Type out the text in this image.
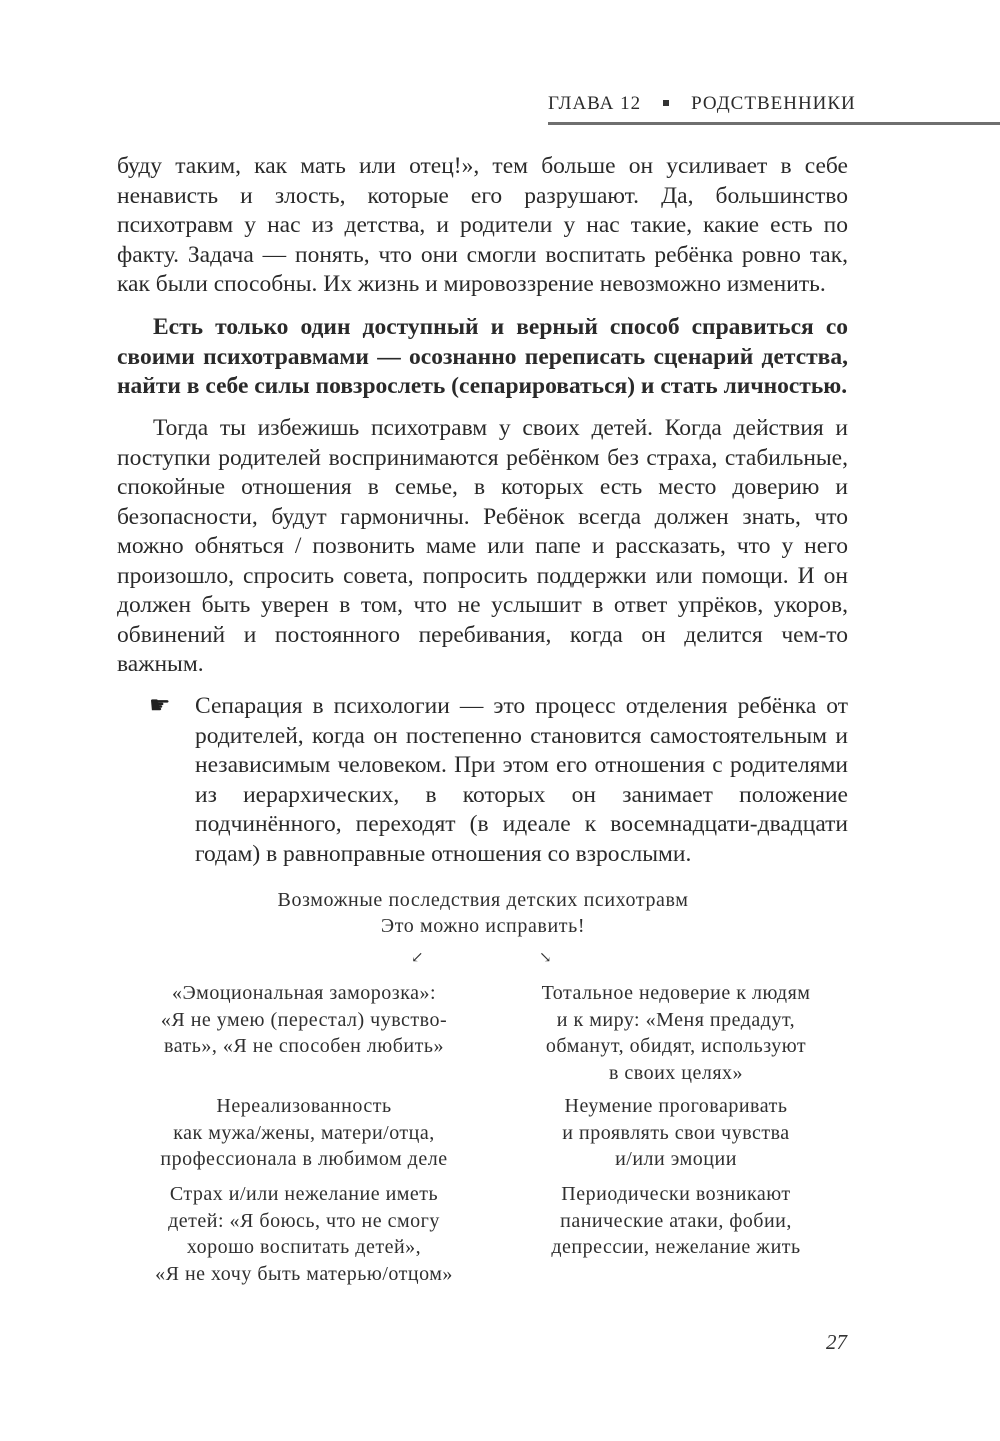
ГЛАВА 12	РОДСТВЕННИКИ

буду таким, как мать или отец!», тем больше он усиливает в себе ненависть и злость, которые его разрушают. Да, большинство психотравм у нас из детства, и родители у нас такие, какие есть по факту. Задача — понять, что они смогли воспитать ребёнка ровно так, как были способны. Их жизнь и мировоззрение невозможно изменить.

Есть только один доступный и верный способ справиться со своими психотравмами — осознанно переписать сценарий детства, найти в себе силы повзрослеть (сепарироваться) и стать личностью.

Тогда ты избежишь психотравм у своих детей. Когда действия и поступки родителей воспринимаются ребёнком без страха, стабильные, спокойные отношения в семье, в которых есть место доверию и безопасности, будут гармоничны. Ребёнок всегда должен знать, что можно обняться / позвонить маме или папе и рассказать, что у него произошло, спросить совета, попросить поддержки или помощи. И он должен быть уверен в том, что не услышит в ответ упрёков, укоров, обвинений и постоянного перебивания, когда он делится чем-то важным.

☛ Сепарация в психологии — это процесс отделения ребёнка от родителей, когда он постепенно становится самостоятельным и независимым человеком. При этом его отношения с родителями из иерархических, в которых он занимает положение подчинённого, переходят (в идеале к восемнадцати-двадцати годам) в равноправные отношения со взрослыми.
Возможные последствия детских психотравм
Это можно исправить!
↙	↘
«Эмоциональная заморозка»:
«Я не умею (перестал) чувство-
вать», «Я не способен любить»
Нереализованность
как мужа/жены, матери/отца,
профессионала в любимом деле
Страх и/или нежелание иметь
детей: «Я боюсь, что не смогу
хорошо воспитать детей»,
«Я не хочу быть матерью/отцом»
Тотальное недоверие к людям
и к миру: «Меня предадут,
обманут, обидят, используют
в своих целях»
Неумение проговаривать
и проявлять свои чувства
и/или эмоции
Периодически возникают
панические атаки, фобии,
депрессии, нежелание жить
27
